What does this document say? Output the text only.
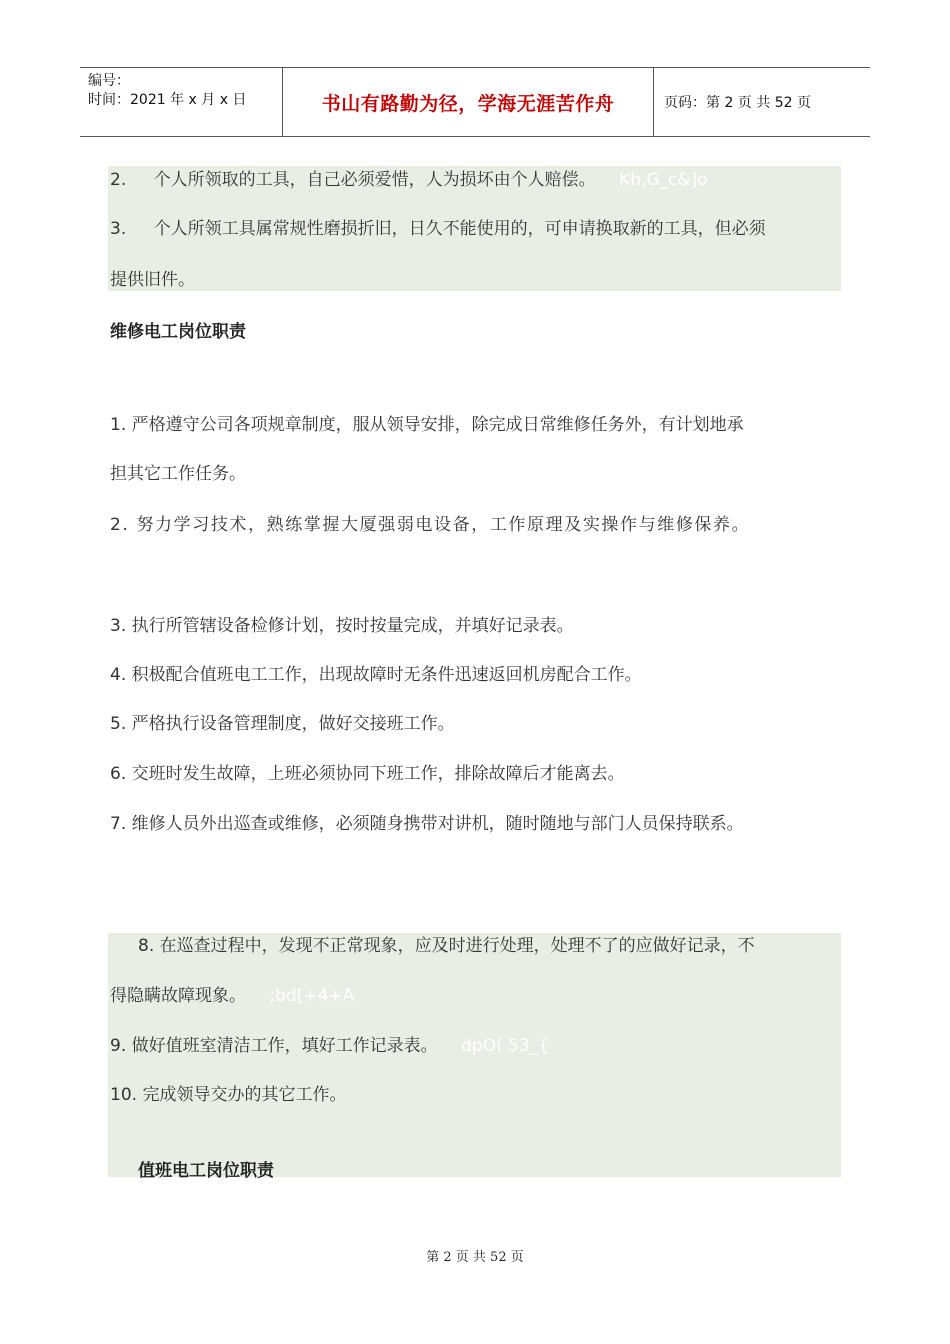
编号：
时间：2021 年 x 月 x 日	书山有路勤为径，学海无涯苦作舟	页码：第 2 页 共 52 页
2. 个人所领取的工具，自己必须爱惜，人为损坏由个人赔偿。 Kh,G_c&]o
3. 个人所领工具属常规性磨损折旧，日久不能使用的，可申请换取新的工具，但必须
提供旧件。
维修电工岗位职责
1. 严格遵守公司各项规章制度，服从领导安排，除完成日常维修任务外，有计划地承
担其它工作任务。
2. 努力学习技术，熟练掌握大厦强弱电设备，工作原理及实操作与维修保养。
3. 执行所管辖设备检修计划，按时按量完成，并填好记录表。
4. 积极配合值班电工工作，出现故障时无条件迅速返回机房配合工作。
5. 严格执行设备管理制度，做好交接班工作。
6. 交班时发生故障，上班必须协同下班工作，排除故障后才能离去。
7. 维修人员外出巡查或维修，必须随身携带对讲机，随时随地与部门人员保持联系。
8. 在巡查过程中，发现不正常现象，应及时进行处理，处理不了的应做好记录，不
得隐瞒故障现象。 ;bd[+4+A
9. 做好值班室清洁工作，填好工作记录表。 dpO( 53_{
10. 完成领导交办的其它工作。
值班电工岗位职责
第 2 页 共 52 页
